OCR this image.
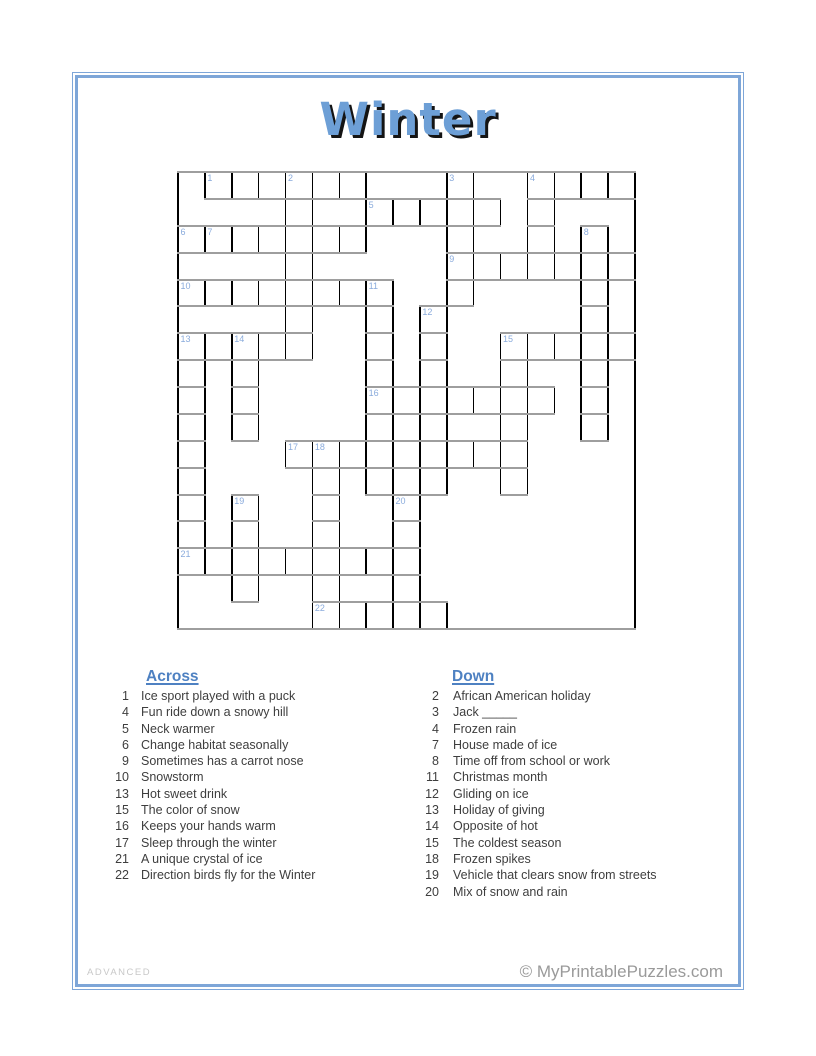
Winter
1	2	3	4
5
6 7	8
9
10	11
12
13	14	15
16
17 18
19	20
21
22
Across
1 Ice sport played with a puck
4 Fun ride down a snowy hill
5 Neck warmer
6 Change habitat seasonally
9 Sometimes has a carrot nose
10 Snowstorm
13 Hot sweet drink
15 The color of snow
16 Keeps your hands warm
17 Sleep through the winter
21 A unique crystal of ice
22 Direction birds fly for the Winter
Down
2 African American holiday
3 Jack _____
4 Frozen rain
7 House made of ice
8 Time off from school or work
11 Christmas month
12 Gliding on ice
13 Holiday of giving
14 Opposite of hot
15 The coldest season
18 Frozen spikes
19 Vehicle that clears snow from streets
20 Mix of snow and rain
ADVANCED	© MyPrintablePuzzles.com
